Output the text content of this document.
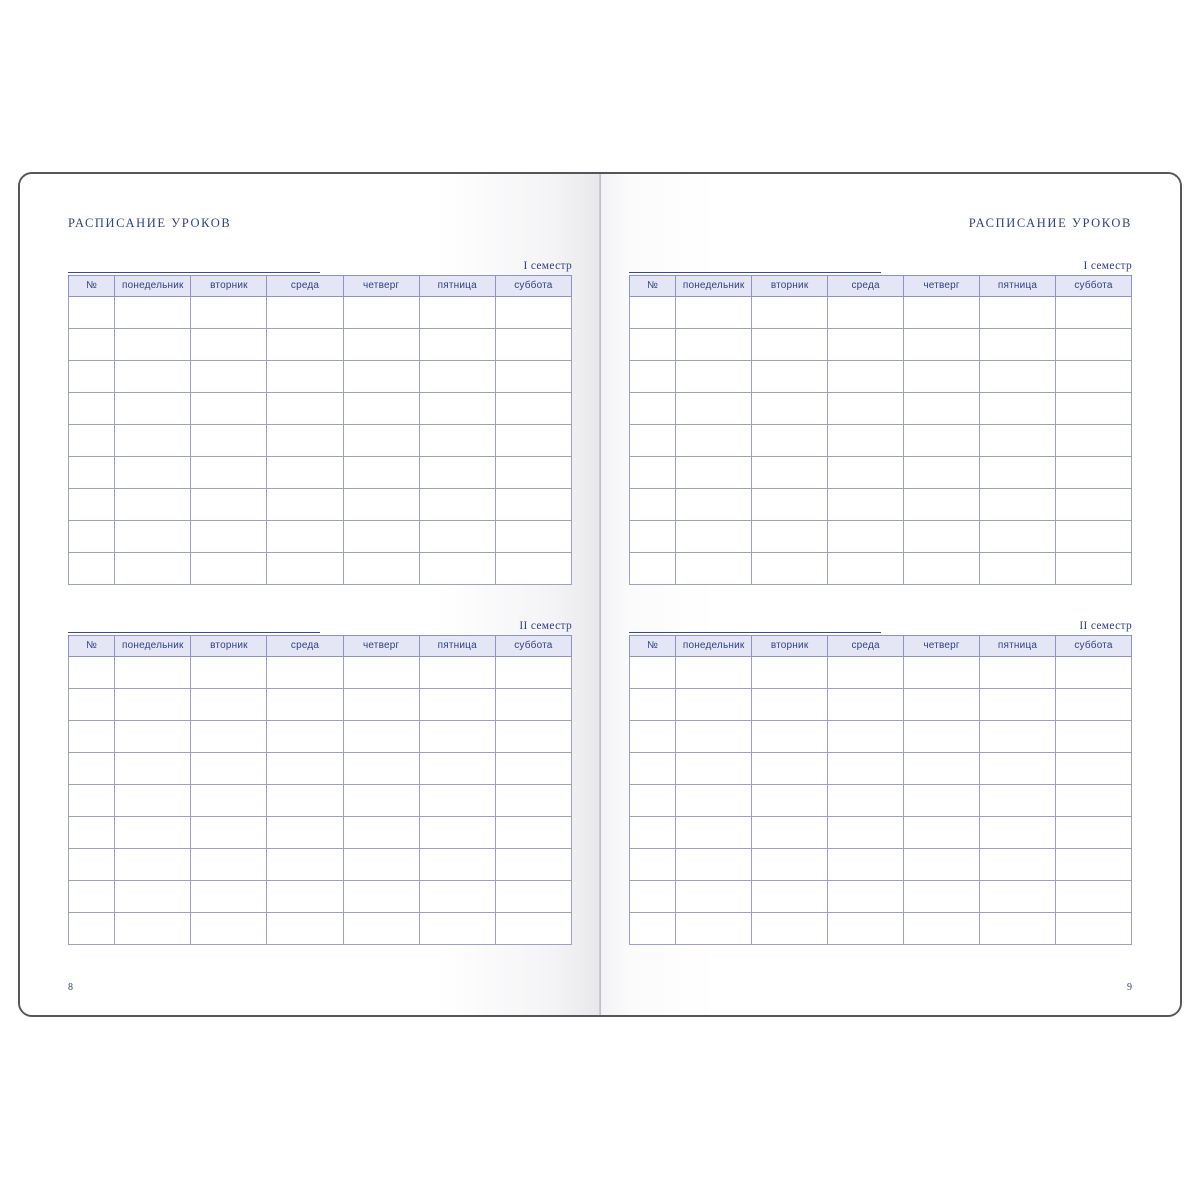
РАСПИСАНИЕ УРОКОВ
I семестр
№	понедельник	вторник	среда	четверг	пятница	суббота

II семестр
№	понедельник	вторник	среда	четверг	пятница	суббота

8
РАСПИСАНИЕ УРОКОВ
I семестр
№	понедельник	вторник	среда	четверг	пятница	суббота

II семестр
№	понедельник	вторник	среда	четверг	пятница	суббота

9
